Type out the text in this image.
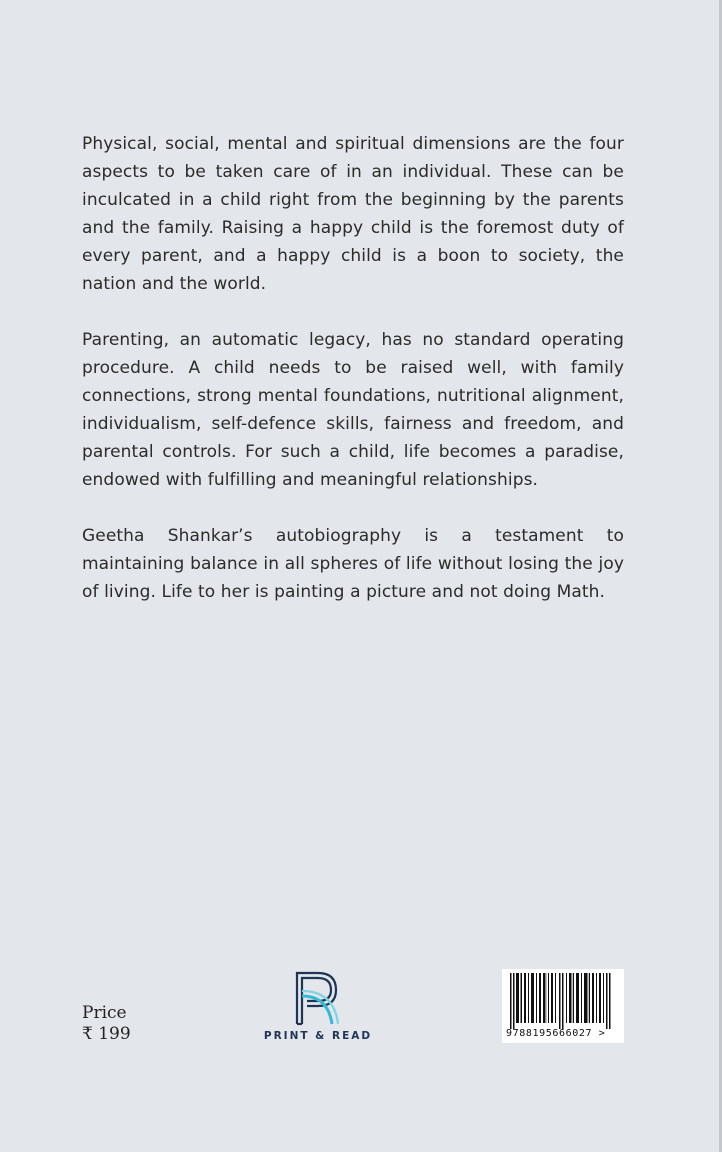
Physical, social, mental and spiritual dimensions are the four aspects to be taken care of in an individual. These can be inculcated in a child right from the beginning by the parents and the family. Raising a happy child is the foremost duty of every parent, and a happy child is a boon to society, the nation and the world.

Parenting, an automatic legacy, has no standard operating procedure. A child needs to be raised well, with family connections, strong mental foundations, nutritional alignment, individualism, self-defence skills, fairness and freedom, and parental controls. For such a child, life becomes a paradise, endowed with fulfilling and meaningful relationships.

Geetha Shankar’s autobiography is a testament to maintaining balance in all spheres of life without losing the joy of living. Life to her is painting a picture and not doing Math.

Price
₹ 199	PRINT & READ	9788195666027 >
